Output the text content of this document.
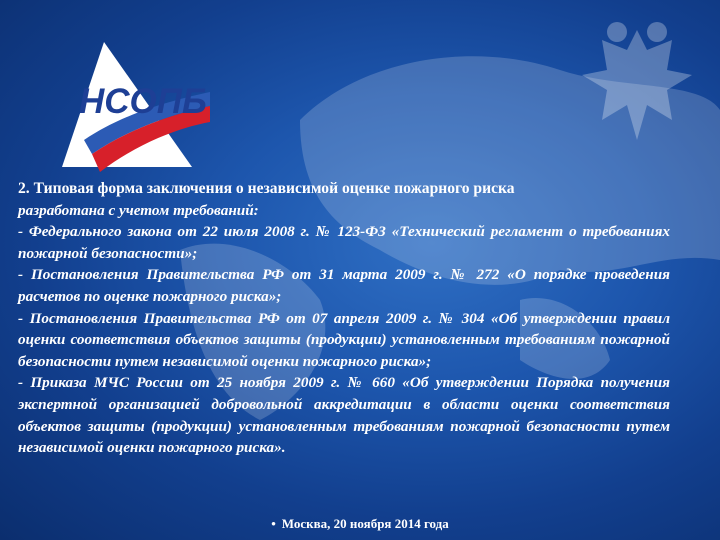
НСОПБ

2. Типовая форма заключения о независимой оценке пожарного риска

разработана с учетом требований:

- Федерального закона от 22 июля 2008 г. № 123-ФЗ «Технический регламент о требованиях пожарной безопасности»;

- Постановления Правительства РФ от 31 марта 2009 г. № 272 «О порядке проведения расчетов по оценке пожарного риска»;

- Постановления Правительства РФ от 07 апреля 2009 г. № 304 «Об утверждении правил оценки соответствия объектов защиты (продукции) установленным требованиям пожарной безопасности путем независимой оценки пожарного риска»;

- Приказа МЧС России от 25 ноября 2009 г. № 660 «Об утверждении Порядка получения экспертной организацией добровольной аккредитации в области оценки соответствия объектов защиты (продукции) установленным требованиям пожарной безопасности путем независимой оценки пожарного риска».

• Москва, 20 ноября 2014 года
